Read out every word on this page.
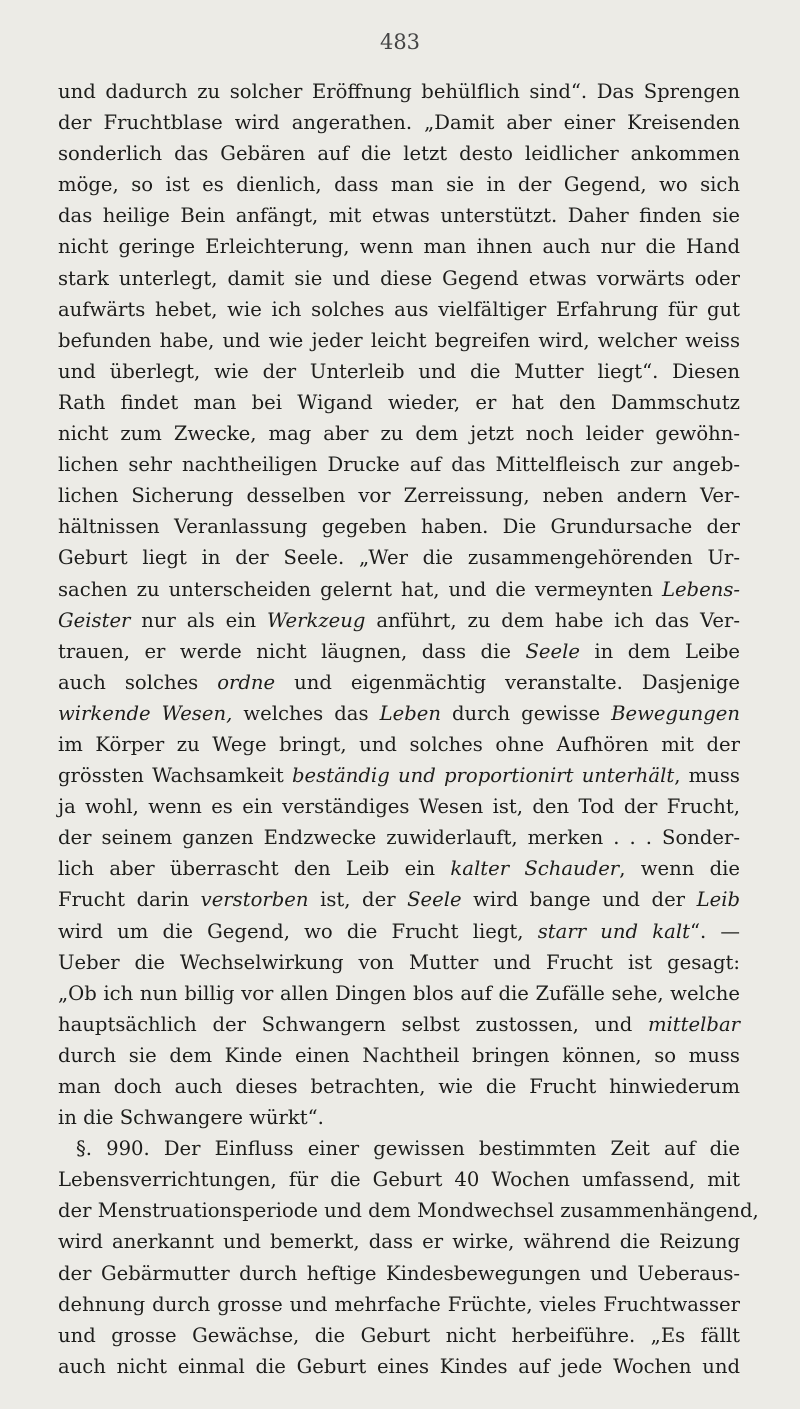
483
und dadurch zu solcher Eröffnung behülflich sind“. Das Sprengen
der Fruchtblase wird angerathen. „Damit aber einer Kreisenden
sonderlich das Gebären auf die letzt desto leidlicher ankommen
möge, so ist es dienlich, dass man sie in der Gegend, wo sich
das heilige Bein anfängt, mit etwas unterstützt. Daher finden sie
nicht geringe Erleichterung, wenn man ihnen auch nur die Hand
stark unterlegt, damit sie und diese Gegend etwas vorwärts oder
aufwärts hebet, wie ich solches aus vielfältiger Erfahrung für gut
befunden habe, und wie jeder leicht begreifen wird, welcher weiss
und überlegt, wie der Unterleib und die Mutter liegt“. Diesen
Rath findet man bei Wigand wieder, er hat den Dammschutz
nicht zum Zwecke, mag aber zu dem jetzt noch leider gewöhn-
lichen sehr nachtheiligen Drucke auf das Mittelfleisch zur angeb-
lichen Sicherung desselben vor Zerreissung, neben andern Ver-
hältnissen Veranlassung gegeben haben. Die Grundursache der
Geburt liegt in der Seele. „Wer die zusammengehörenden Ur-
sachen zu unterscheiden gelernt hat, und die vermeynten Lebens-
Geister nur als ein Werkzeug anführt, zu dem habe ich das Ver-
trauen, er werde nicht läugnen, dass die Seele in dem Leibe
auch solches ordne und eigenmächtig veranstalte. Dasjenige
wirkende Wesen, welches das Leben durch gewisse Bewegungen
im Körper zu Wege bringt, und solches ohne Aufhören mit der
grössten Wachsamkeit beständig und proportionirt unterhält, muss
ja wohl, wenn es ein verständiges Wesen ist, den Tod der Frucht,
der seinem ganzen Endzwecke zuwiderlauft, merken . . . Sonder-
lich aber überrascht den Leib ein kalter Schauder, wenn die
Frucht darin verstorben ist, der Seele wird bange und der Leib
wird um die Gegend, wo die Frucht liegt, starr und kalt“. —
Ueber die Wechselwirkung von Mutter und Frucht ist gesagt:
„Ob ich nun billig vor allen Dingen blos auf die Zufälle sehe, welche
hauptsächlich der Schwangern selbst zustossen, und mittelbar
durch sie dem Kinde einen Nachtheil bringen können, so muss
man doch auch dieses betrachten, wie die Frucht hinwiederum
in die Schwangere würkt“.
§. 990. Der Einfluss einer gewissen bestimmten Zeit auf die
Lebensverrichtungen, für die Geburt 40 Wochen umfassend, mit
der Menstruationsperiode und dem Mondwechsel zusammenhängend,
wird anerkannt und bemerkt, dass er wirke, während die Reizung
der Gebärmutter durch heftige Kindesbewegungen und Ueberaus-
dehnung durch grosse und mehrfache Früchte, vieles Fruchtwasser
und grosse Gewächse, die Geburt nicht herbeiführe. „Es fällt
auch nicht einmal die Geburt eines Kindes auf jede Wochen und
